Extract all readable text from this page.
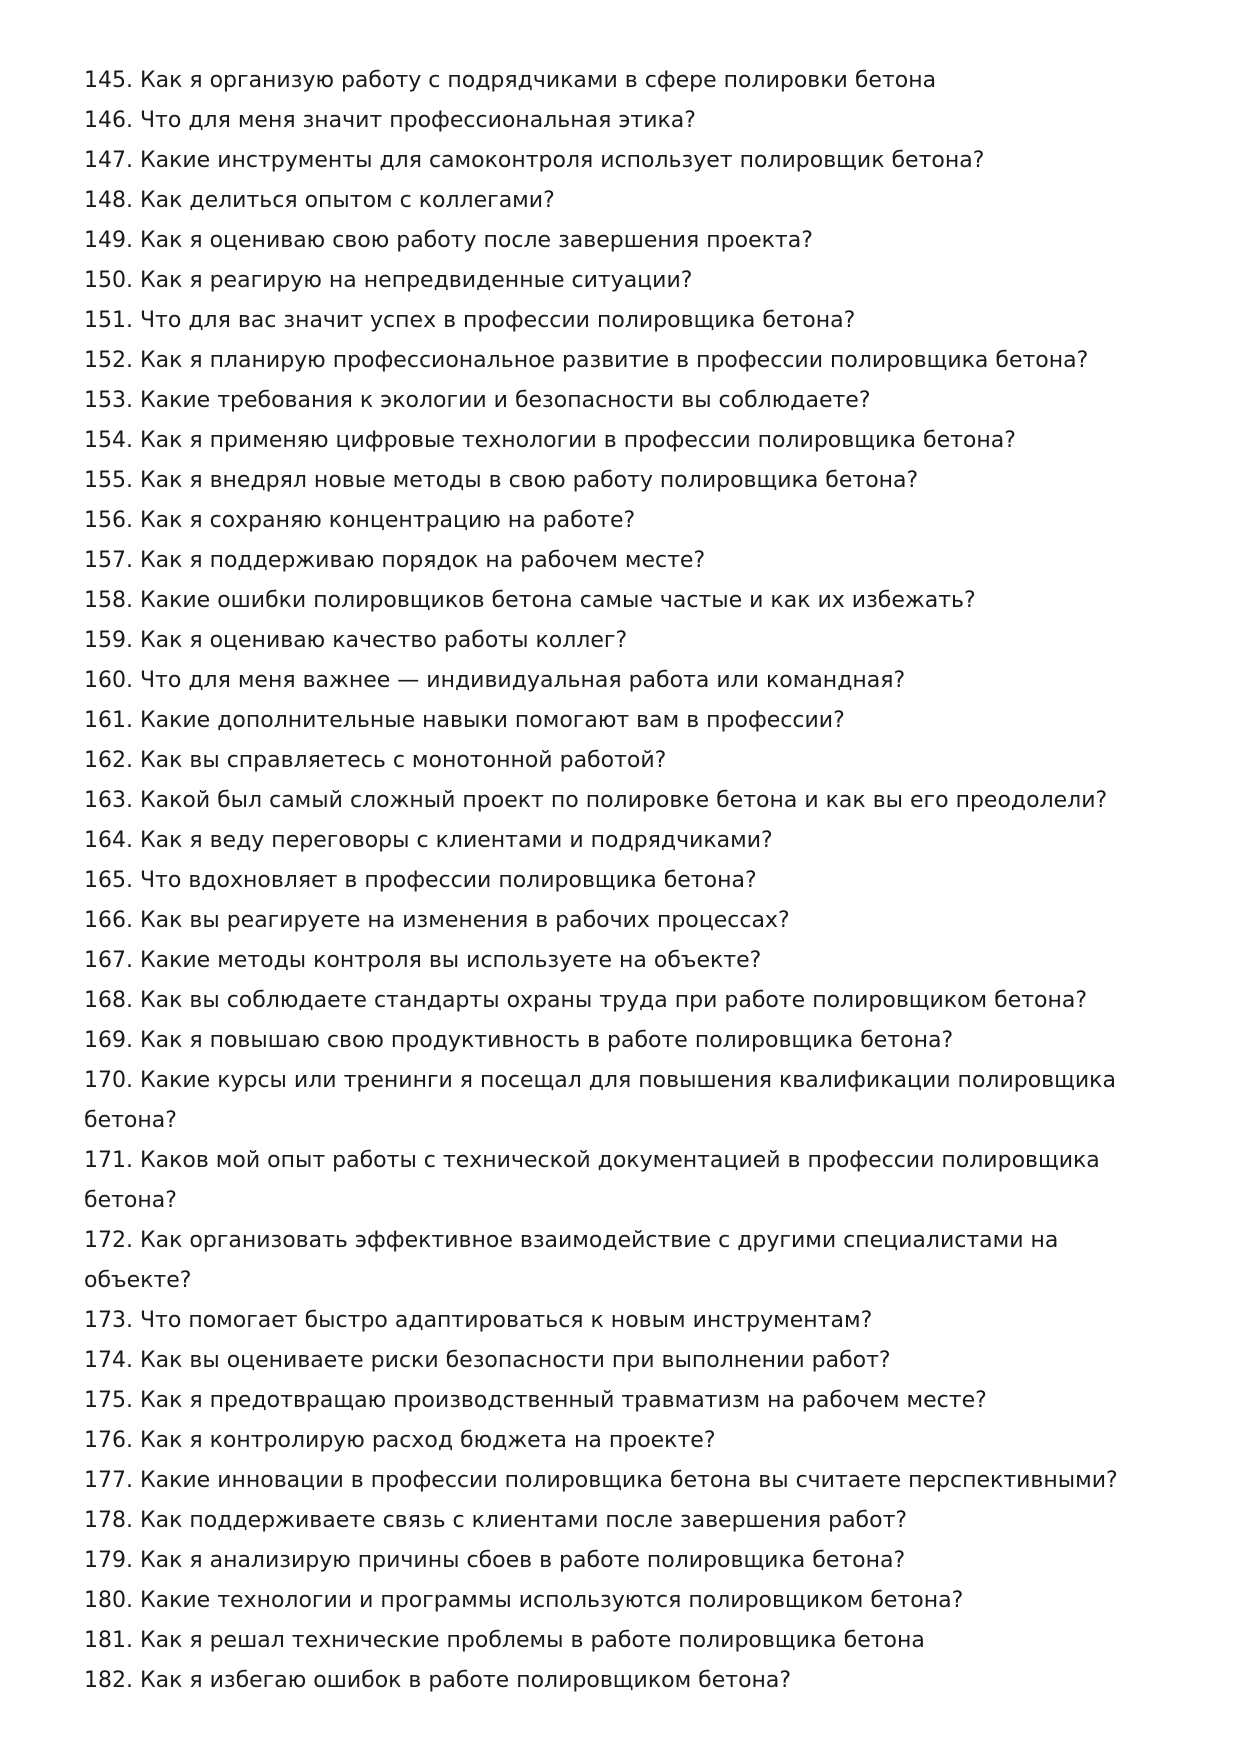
145. Как я организую работу с подрядчиками в сфере полировки бетона
146. Что для меня значит профессиональная этика?
147. Какие инструменты для самоконтроля использует полировщик бетона?
148. Как делиться опытом с коллегами?
149. Как я оцениваю свою работу после завершения проекта?
150. Как я реагирую на непредвиденные ситуации?
151. Что для вас значит успех в профессии полировщика бетона?
152. Как я планирую профессиональное развитие в профессии полировщика бетона?
153. Какие требования к экологии и безопасности вы соблюдаете?
154. Как я применяю цифровые технологии в профессии полировщика бетона?
155. Как я внедрял новые методы в свою работу полировщика бетона?
156. Как я сохраняю концентрацию на работе?
157. Как я поддерживаю порядок на рабочем месте?
158. Какие ошибки полировщиков бетона самые частые и как их избежать?
159. Как я оцениваю качество работы коллег?
160. Что для меня важнее — индивидуальная работа или командная?
161. Какие дополнительные навыки помогают вам в профессии?
162. Как вы справляетесь с монотонной работой?
163. Какой был самый сложный проект по полировке бетона и как вы его преодолели?
164. Как я веду переговоры с клиентами и подрядчиками?
165. Что вдохновляет в профессии полировщика бетона?
166. Как вы реагируете на изменения в рабочих процессах?
167. Какие методы контроля вы используете на объекте?
168. Как вы соблюдаете стандарты охраны труда при работе полировщиком бетона?
169. Как я повышаю свою продуктивность в работе полировщика бетона?
170. Какие курсы или тренинги я посещал для повышения квалификации полировщика бетона?
171. Каков мой опыт работы с технической документацией в профессии полировщика бетона?
172. Как организовать эффективное взаимодействие с другими специалистами на объекте?
173. Что помогает быстро адаптироваться к новым инструментам?
174. Как вы оцениваете риски безопасности при выполнении работ?
175. Как я предотвращаю производственный травматизм на рабочем месте?
176. Как я контролирую расход бюджета на проекте?
177. Какие инновации в профессии полировщика бетона вы считаете перспективными?
178. Как поддерживаете связь с клиентами после завершения работ?
179. Как я анализирую причины сбоев в работе полировщика бетона?
180. Какие технологии и программы используются полировщиком бетона?
181. Как я решал технические проблемы в работе полировщика бетона
182. Как я избегаю ошибок в работе полировщиком бетона?
